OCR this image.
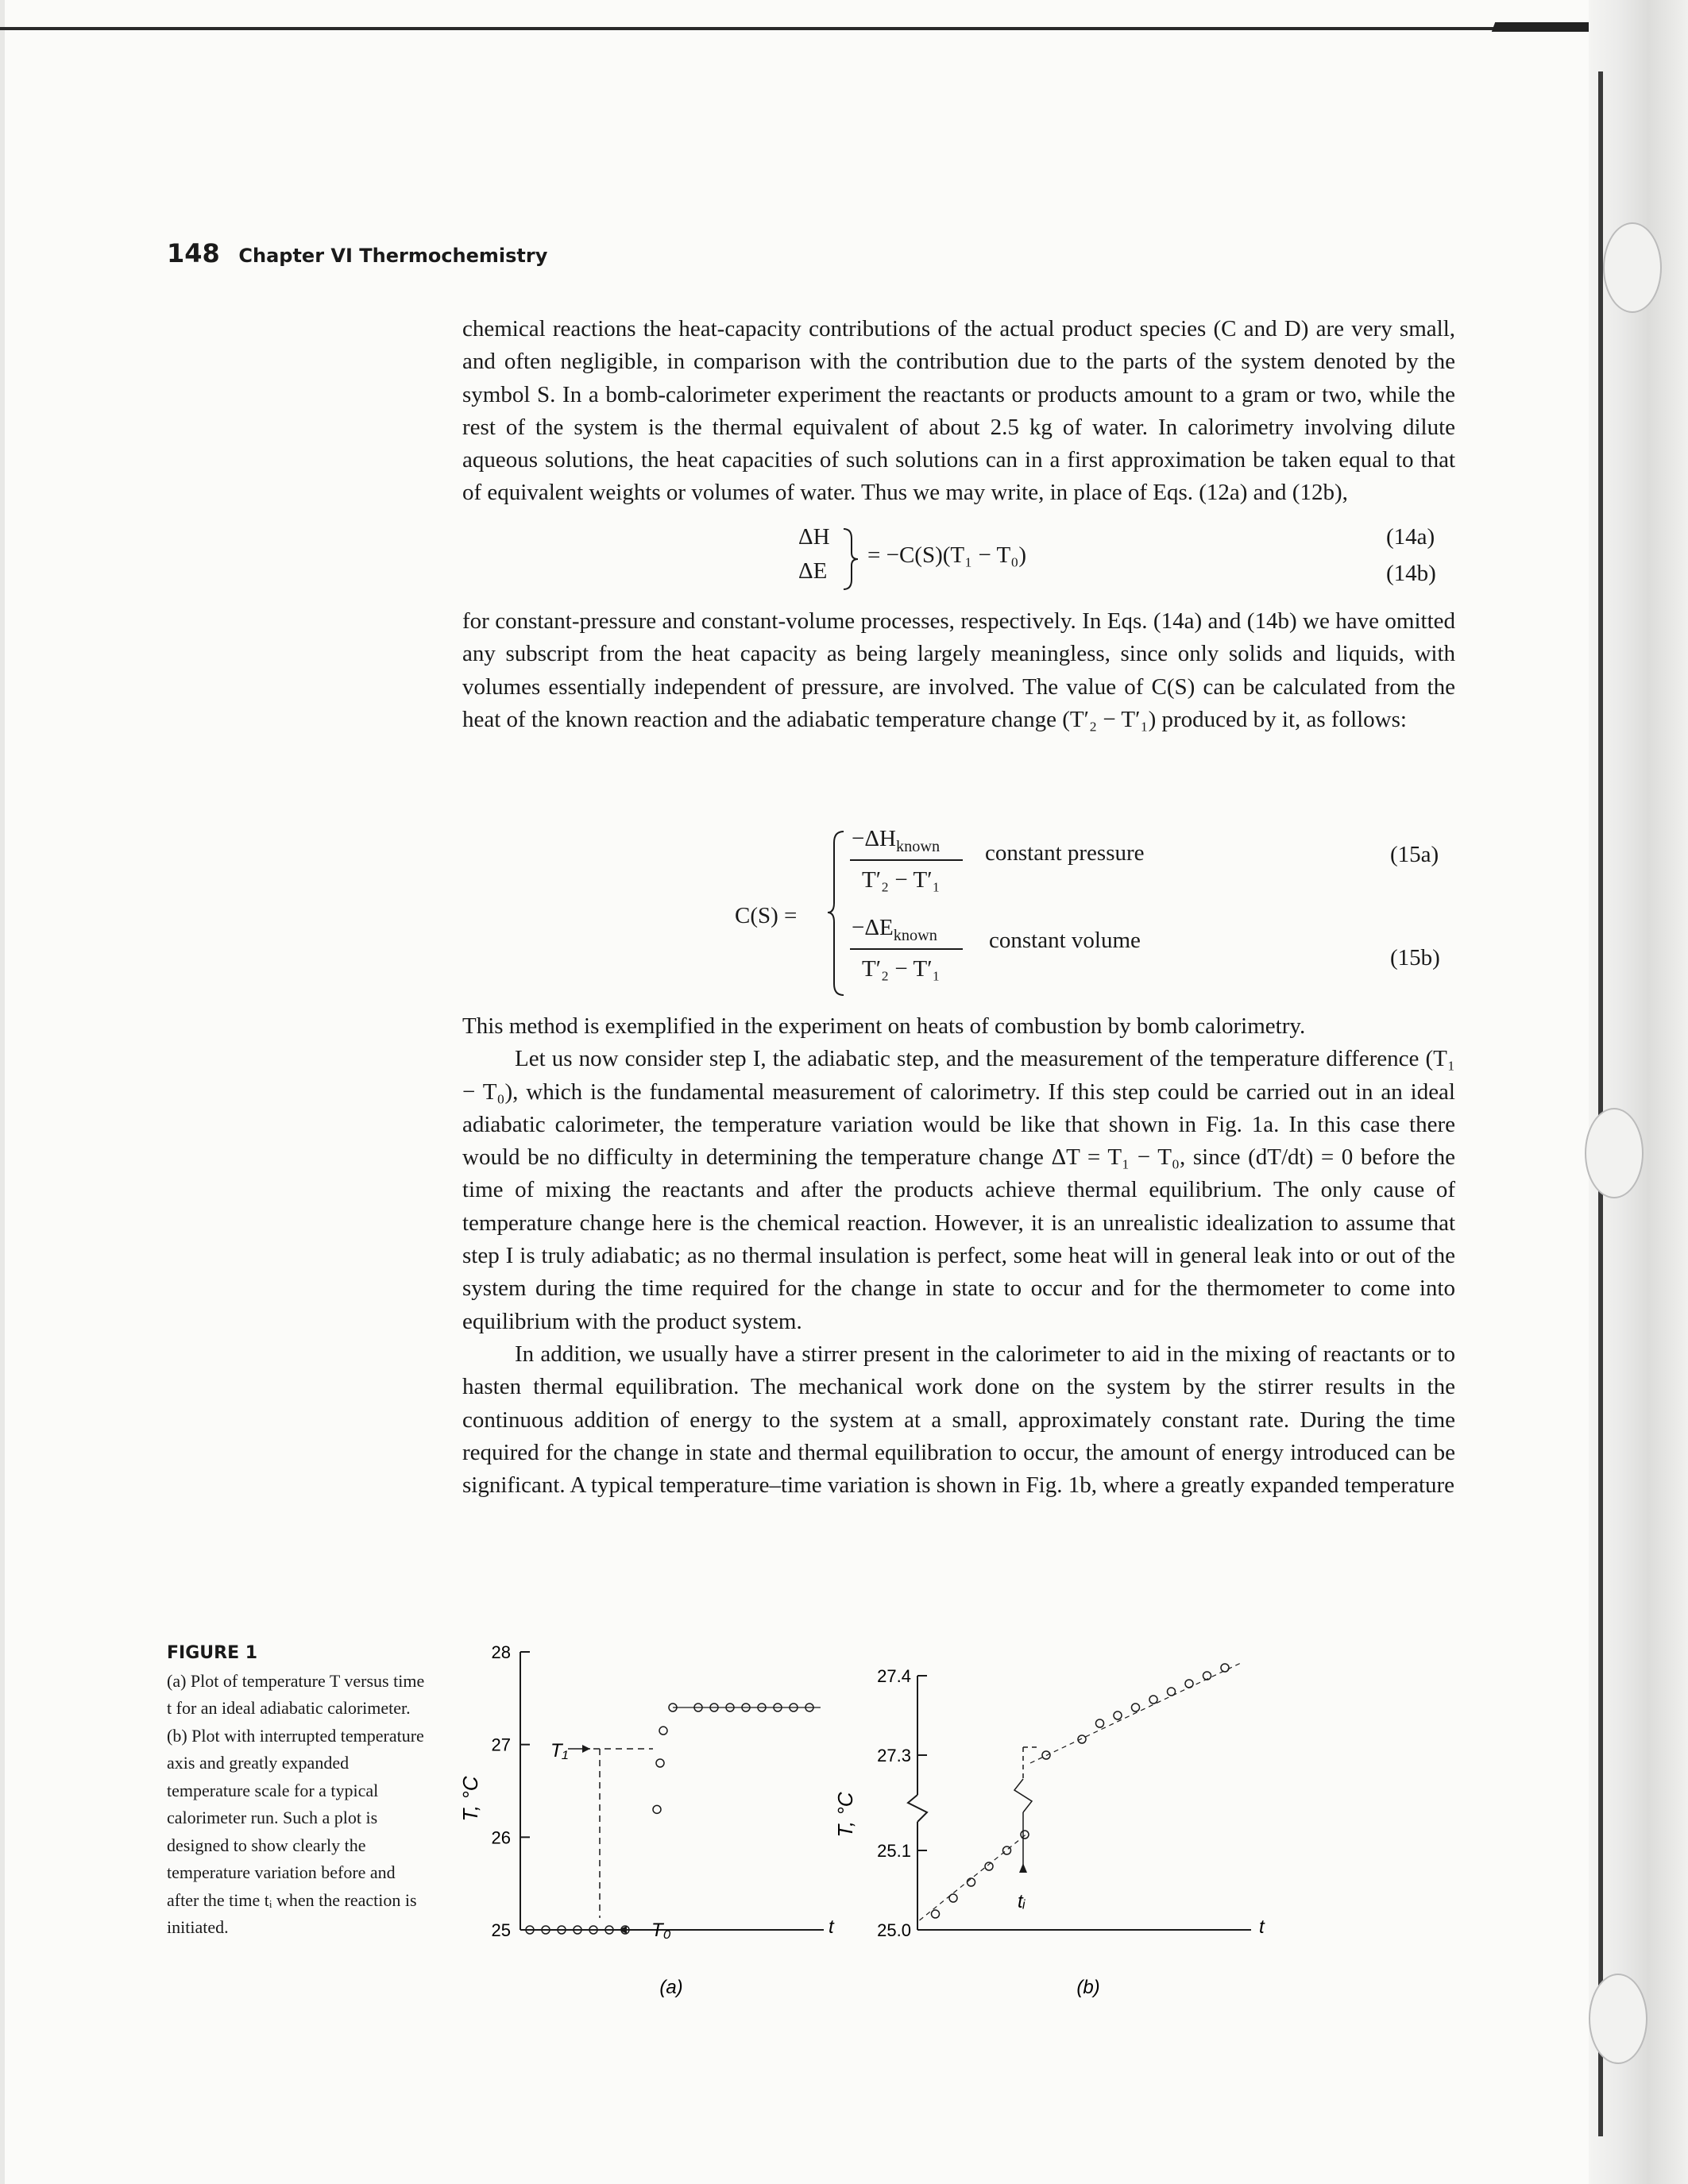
148 Chapter VI Thermochemistry

chemical reactions the heat-capacity contributions of the actual product species (C and D) are very small, and often negligible, in comparison with the contribution due to the parts of the system denoted by the symbol S. In a bomb-calorimeter experiment the reactants or products amount to a gram or two, while the rest of the system is the thermal equivalent of about 2.5 kg of water. In calorimetry involving dilute aqueous solutions, the heat capacities of such solutions can in a first approximation be taken equal to that of equivalent weights or volumes of water. Thus we may write, in place of Eqs. (12a) and (12b),

ΔH
ΔE
= −C(S)(T₁ − T₀)
(14a)
(14b)

for constant-pressure and constant-volume processes, respectively. In Eqs. (14a) and (14b) we have omitted any subscript from the heat capacity as being largely meaningless, since only solids and liquids, with volumes essentially independent of pressure, are involved. The value of C(S) can be calculated from the heat of the known reaction and the adiabatic temperature change (T′₂ − T′₁) produced by it, as follows:

C(S) =
$-\Delta H_{known}$
T′₂ − T′₁
constant pressure	(15a)
$-\Delta E_{known}$
T′₂ − T′₁
constant volume
(15b)

This method is exemplified in the experiment on heats of combustion by bomb calorimetry.

Let us now consider step I, the adiabatic step, and the measurement of the temperature difference (T₁ − T₀), which is the fundamental measurement of calorimetry. If this step could be carried out in an ideal adiabatic calorimeter, the temperature variation would be like that shown in Fig. 1a. In this case there would be no difficulty in determining the temperature change ΔT = T₁ − T₀, since (dT/dt) = 0 before the time of mixing the reactants and after the products achieve thermal equilibrium. The only cause of temperature change here is the chemical reaction. However, it is an unrealistic idealization to assume that step I is truly adiabatic; as no thermal insulation is perfect, some heat will in general leak into or out of the system during the time required for the change in state to occur and for the thermometer to come into equilibrium with the product system.

In addition, we usually have a stirrer present in the calorimeter to aid in the mixing of reactants or to hasten thermal equilibration. The mechanical work done on the system by the stirrer results in the continuous addition of energy to the system at a small, approximately constant rate. During the time required for the change in state and thermal equilibration to occur, the amount of energy introduced can be significant. A typical temperature–time variation is shown in Fig. 1b, where a greatly expanded temperature

FIGURE 1
(a) Plot of temperature T versus time t for an ideal adiabatic calorimeter. (b) Plot with interrupted temperature axis and greatly expanded temperature scale for a typical calorimeter run. Such a plot is designed to show clearly the temperature variation before and after the time tᵢ when the reaction is initiated.
T, °C
t
(a)
25
26
27
28
T₁
T₀
T, °C
t
(b)
25.0
25.1
27.3
27.4
tᵢ
